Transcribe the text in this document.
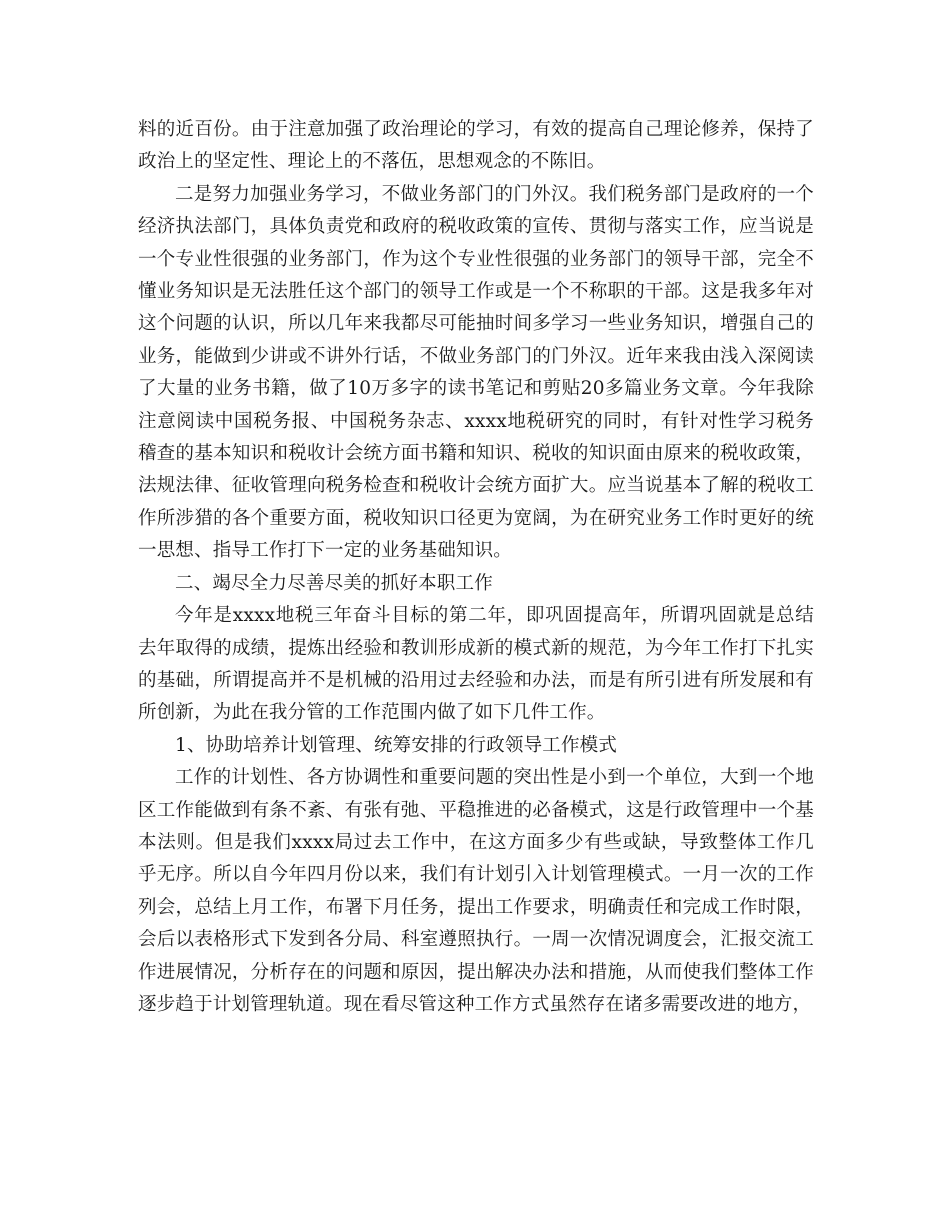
料的近百份。由于注意加强了政治理论的学习，有效的提高自己理论修养，保持了政治上的坚定性、理论上的不落伍，思想观念的不陈旧。

二是努力加强业务学习，不做业务部门的门外汉。我们税务部门是政府的一个经济执法部门，具体负责党和政府的税收政策的宣传、贯彻与落实工作，应当说是一个专业性很强的业务部门，作为这个专业性很强的业务部门的领导干部，完全不懂业务知识是无法胜任这个部门的领导工作或是一个不称职的干部。这是我多年对这个问题的认识，所以几年来我都尽可能抽时间多学习一些业务知识，增强自己的业务，能做到少讲或不讲外行话，不做业务部门的门外汉。近年来我由浅入深阅读了大量的业务书籍，做了10万多字的读书笔记和剪贴20多篇业务文章。今年我除注意阅读中国税务报、中国税务杂志、xxxx地税研究的同时，有针对性学习税务稽查的基本知识和税收计会统方面书籍和知识、税收的知识面由原来的税收政策，法规法律、征收管理向税务检查和税收计会统方面扩大。应当说基本了解的税收工作所涉猎的各个重要方面，税收知识口径更为宽阔，为在研究业务工作时更好的统一思想、指导工作打下一定的业务基础知识。

二、竭尽全力尽善尽美的抓好本职工作

今年是xxxx地税三年奋斗目标的第二年，即巩固提高年，所谓巩固就是总结去年取得的成绩，提炼出经验和教训形成新的模式新的规范，为今年工作打下扎实的基础，所谓提高并不是机械的沿用过去经验和办法，而是有所引进有所发展和有所创新，为此在我分管的工作范围内做了如下几件工作。

1、协助培养计划管理、统筹安排的行政领导工作模式

工作的计划性、各方协调性和重要问题的突出性是小到一个单位，大到一个地区工作能做到有条不紊、有张有弛、平稳推进的必备模式，这是行政管理中一个基本法则。但是我们xxxx局过去工作中，在这方面多少有些或缺，导致整体工作几乎无序。所以自今年四月份以来，我们有计划引入计划管理模式。一月一次的工作列会，总结上月工作，布署下月任务，提出工作要求，明确责任和完成工作时限，会后以表格形式下发到各分局、科室遵照执行。一周一次情况调度会，汇报交流工作进展情况，分析存在的问题和原因，提出解决办法和措施，从而使我们整体工作逐步趋于计划管理轨道。现在看尽管这种工作方式虽然存在诸多需要改进的地方，
